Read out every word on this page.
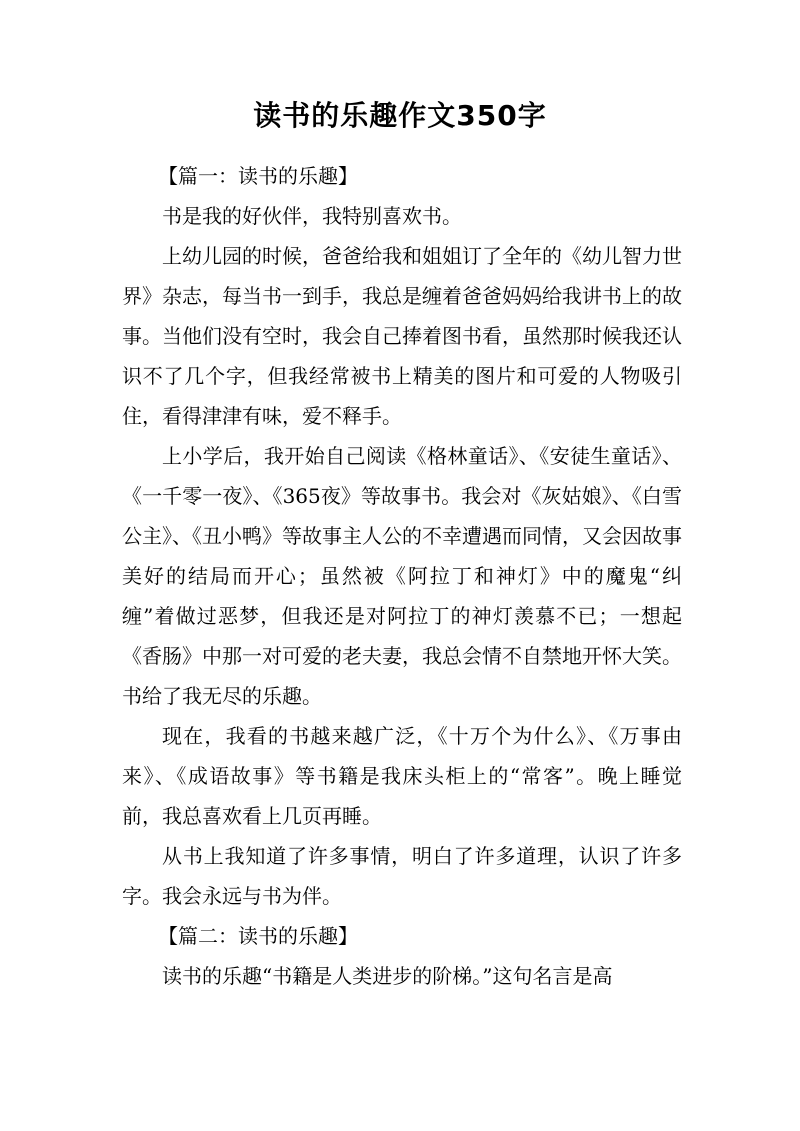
读书的乐趣作文350字

【篇一：读书的乐趣】

书是我的好伙伴，我特别喜欢书。

上幼儿园的时候，爸爸给我和姐姐订了全年的《幼儿智力世界》杂志，每当书一到手，我总是缠着爸爸妈妈给我讲书上的故事。当他们没有空时，我会自己捧着图书看，虽然那时候我还认识不了几个字，但我经常被书上精美的图片和可爱的人物吸引住，看得津津有味，爱不释手。

上小学后，我开始自己阅读《格林童话》、《安徒生童话》、《一千零一夜》、《365夜》等故事书。我会对《灰姑娘》、《白雪公主》、《丑小鸭》等故事主人公的不幸遭遇而同情，又会因故事美好的结局而开心；虽然被《阿拉丁和神灯》中的魔鬼“纠缠”着做过恶梦，但我还是对阿拉丁的神灯羡慕不已；一想起《香肠》中那一对可爱的老夫妻，我总会情不自禁地开怀大笑。书给了我无尽的乐趣。

现在，我看的书越来越广泛，《十万个为什么》、《万事由来》、《成语故事》等书籍是我床头柜上的“常客”。晚上睡觉前，我总喜欢看上几页再睡。

从书上我知道了许多事情，明白了许多道理，认识了许多字。我会永远与书为伴。

【篇二：读书的乐趣】

读书的乐趣“书籍是人类进步的阶梯。”这句名言是高
